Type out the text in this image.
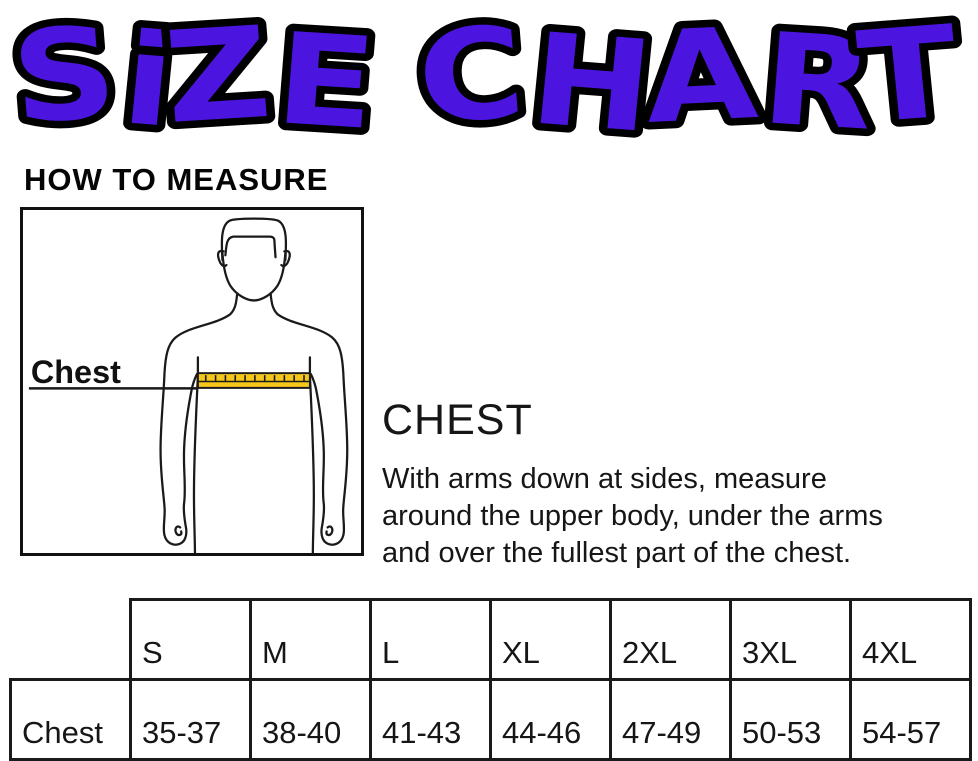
SiZE CHART
HOW TO MEASURE
Chest
CHEST

With arms down at sides, measure
around the upper body, under the arms
and over the fullest part of the chest.

	S	M	L	XL	2XL	3XL	4XL
Chest	35-37	38-40	41-43	44-46	47-49	50-53	54-57
